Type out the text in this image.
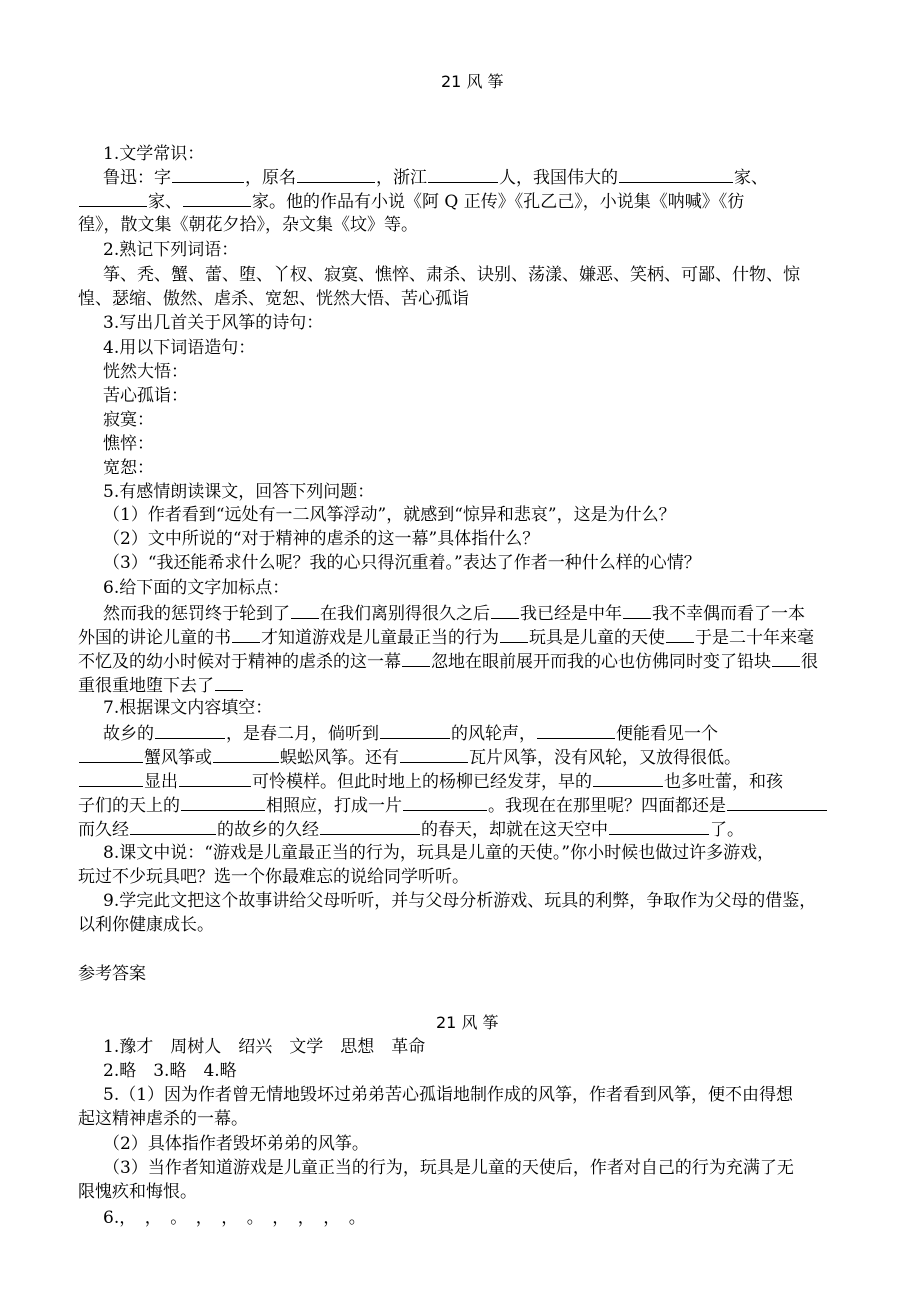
21 风 筝
1.文学常识：
鲁迅：字	，原名	，浙江	人，我国伟大的	家、
家、	家。他的作品有小说《阿 Q 正传》《孔乙己》，小说集《呐喊》《彷
徨》，散文集《朝花夕拾》，杂文集《坟》等。
2.熟记下列词语：
筝、秃、蟹、蕾、堕、丫杈、寂寞、憔悴、肃杀、诀别、荡漾、嫌恶、笑柄、可鄙、什物、惊
惶、瑟缩、傲然、虐杀、宽恕、恍然大悟、苦心孤诣
3.写出几首关于风筝的诗句：
4.用以下词语造句：
恍然大悟：
苦心孤诣：
寂寞：
憔悴：
宽恕：
5.有感情朗读课文，回答下列问题：
（1）作者看到“远处有一二风筝浮动”，就感到“惊异和悲哀”，这是为什么？
（2）文中所说的“对于精神的虐杀的这一幕”具体指什么？
（3）“我还能希求什么呢？我的心只得沉重着。”表达了作者一种什么样的心情？
6.给下面的文字加标点：
然而我的惩罚终于轮到了 在我们离别得很久之后 我已经是中年 我不幸偶而看了一本
外国的讲论儿童的书 才知道游戏是儿童最正当的行为 玩具是儿童的天使 于是二十年来毫
不忆及的幼小时候对于精神的虐杀的这一幕 忽地在眼前展开而我的心也仿佛同时变了铅块 很
重很重地堕下去了
7.根据课文内容填空：
故乡的	，是春二月，倘听到	的风轮声，	便能看见一个
蟹风筝或	蜈蚣风筝。还有	瓦片风筝，没有风轮，又放得很低。
显出	可怜模样。但此时地上的杨柳已经发芽，早的	也多吐蕾，和孩
子们的天上的	相照应，打成一片	。我现在在那里呢？四面都还是
而久经	的故乡的久经	的春天，却就在这天空中	了。
8.课文中说：“游戏是儿童最正当的行为，玩具是儿童的天使。”你小时候也做过许多游戏，
玩过不少玩具吧？选一个你最难忘的说给同学听听。
9.学完此文把这个故事讲给父母听听，并与父母分析游戏、玩具的利弊，争取作为父母的借鉴，
以利你健康成长。
参考答案
21 风 筝
1.豫才　周树人　绍兴　文学　思想　革命
2.略　3.略　4.略
5.（1）因为作者曾无情地毁坏过弟弟苦心孤诣地制作成的风筝，作者看到风筝，便不由得想
起这精神虐杀的一幕。
（2）具体指作者毁坏弟弟的风筝。
（3）当作者知道游戏是儿童正当的行为，玩具是儿童的天使后，作者对自己的行为充满了无
限愧疚和悔恨。
6.，　，　。　，　，　。　，　，　，　。
